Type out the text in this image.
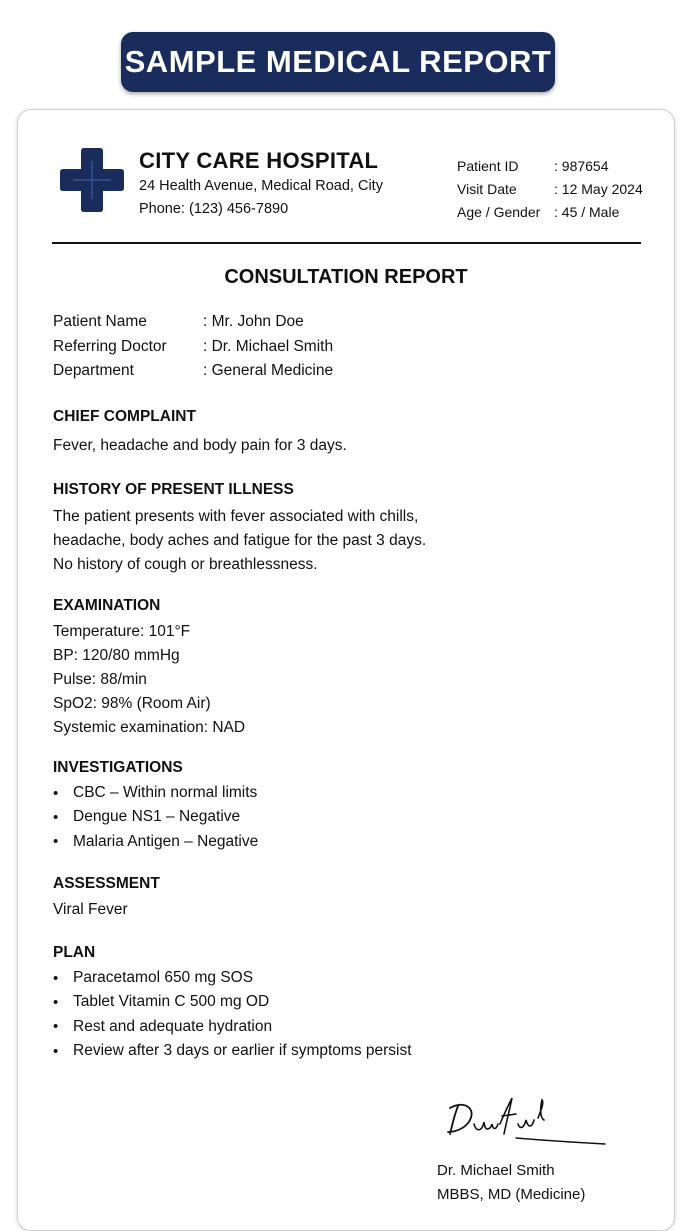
SAMPLE MEDICAL REPORT
CITY CARE HOSPITAL
24 Health Avenue, Medical Road, City
Phone: (123) 456-7890
Patient ID	: 987654
Visit Date	: 12 May 2024
Age / Gender : 45 / Male
CONSULTATION REPORT
Patient Name	: Mr. John Doe
Referring Doctor	: Dr. Michael Smith
Department	: General Medicine
CHIEF COMPLAINT
Fever, headache and body pain for 3 days.
HISTORY OF PRESENT ILLNESS
The patient presents with fever associated with chills,
headache, body aches and fatigue for the past 3 days.
No history of cough or breathlessness.
EXAMINATION
Temperature: 101°F
BP: 120/80 mmHg
Pulse: 88/min
SpO2: 98% (Room Air)
Systemic examination: NAD
INVESTIGATIONS
• CBC – Within normal limits
• Dengue NS1 – Negative
• Malaria Antigen – Negative
ASSESSMENT
Viral Fever
PLAN
• Paracetamol 650 mg SOS
• Tablet Vitamin C 500 mg OD
• Rest and adequate hydration
• Review after 3 days or earlier if symptoms persist
Dr. Michael Smith
MBBS, MD (Medicine)
